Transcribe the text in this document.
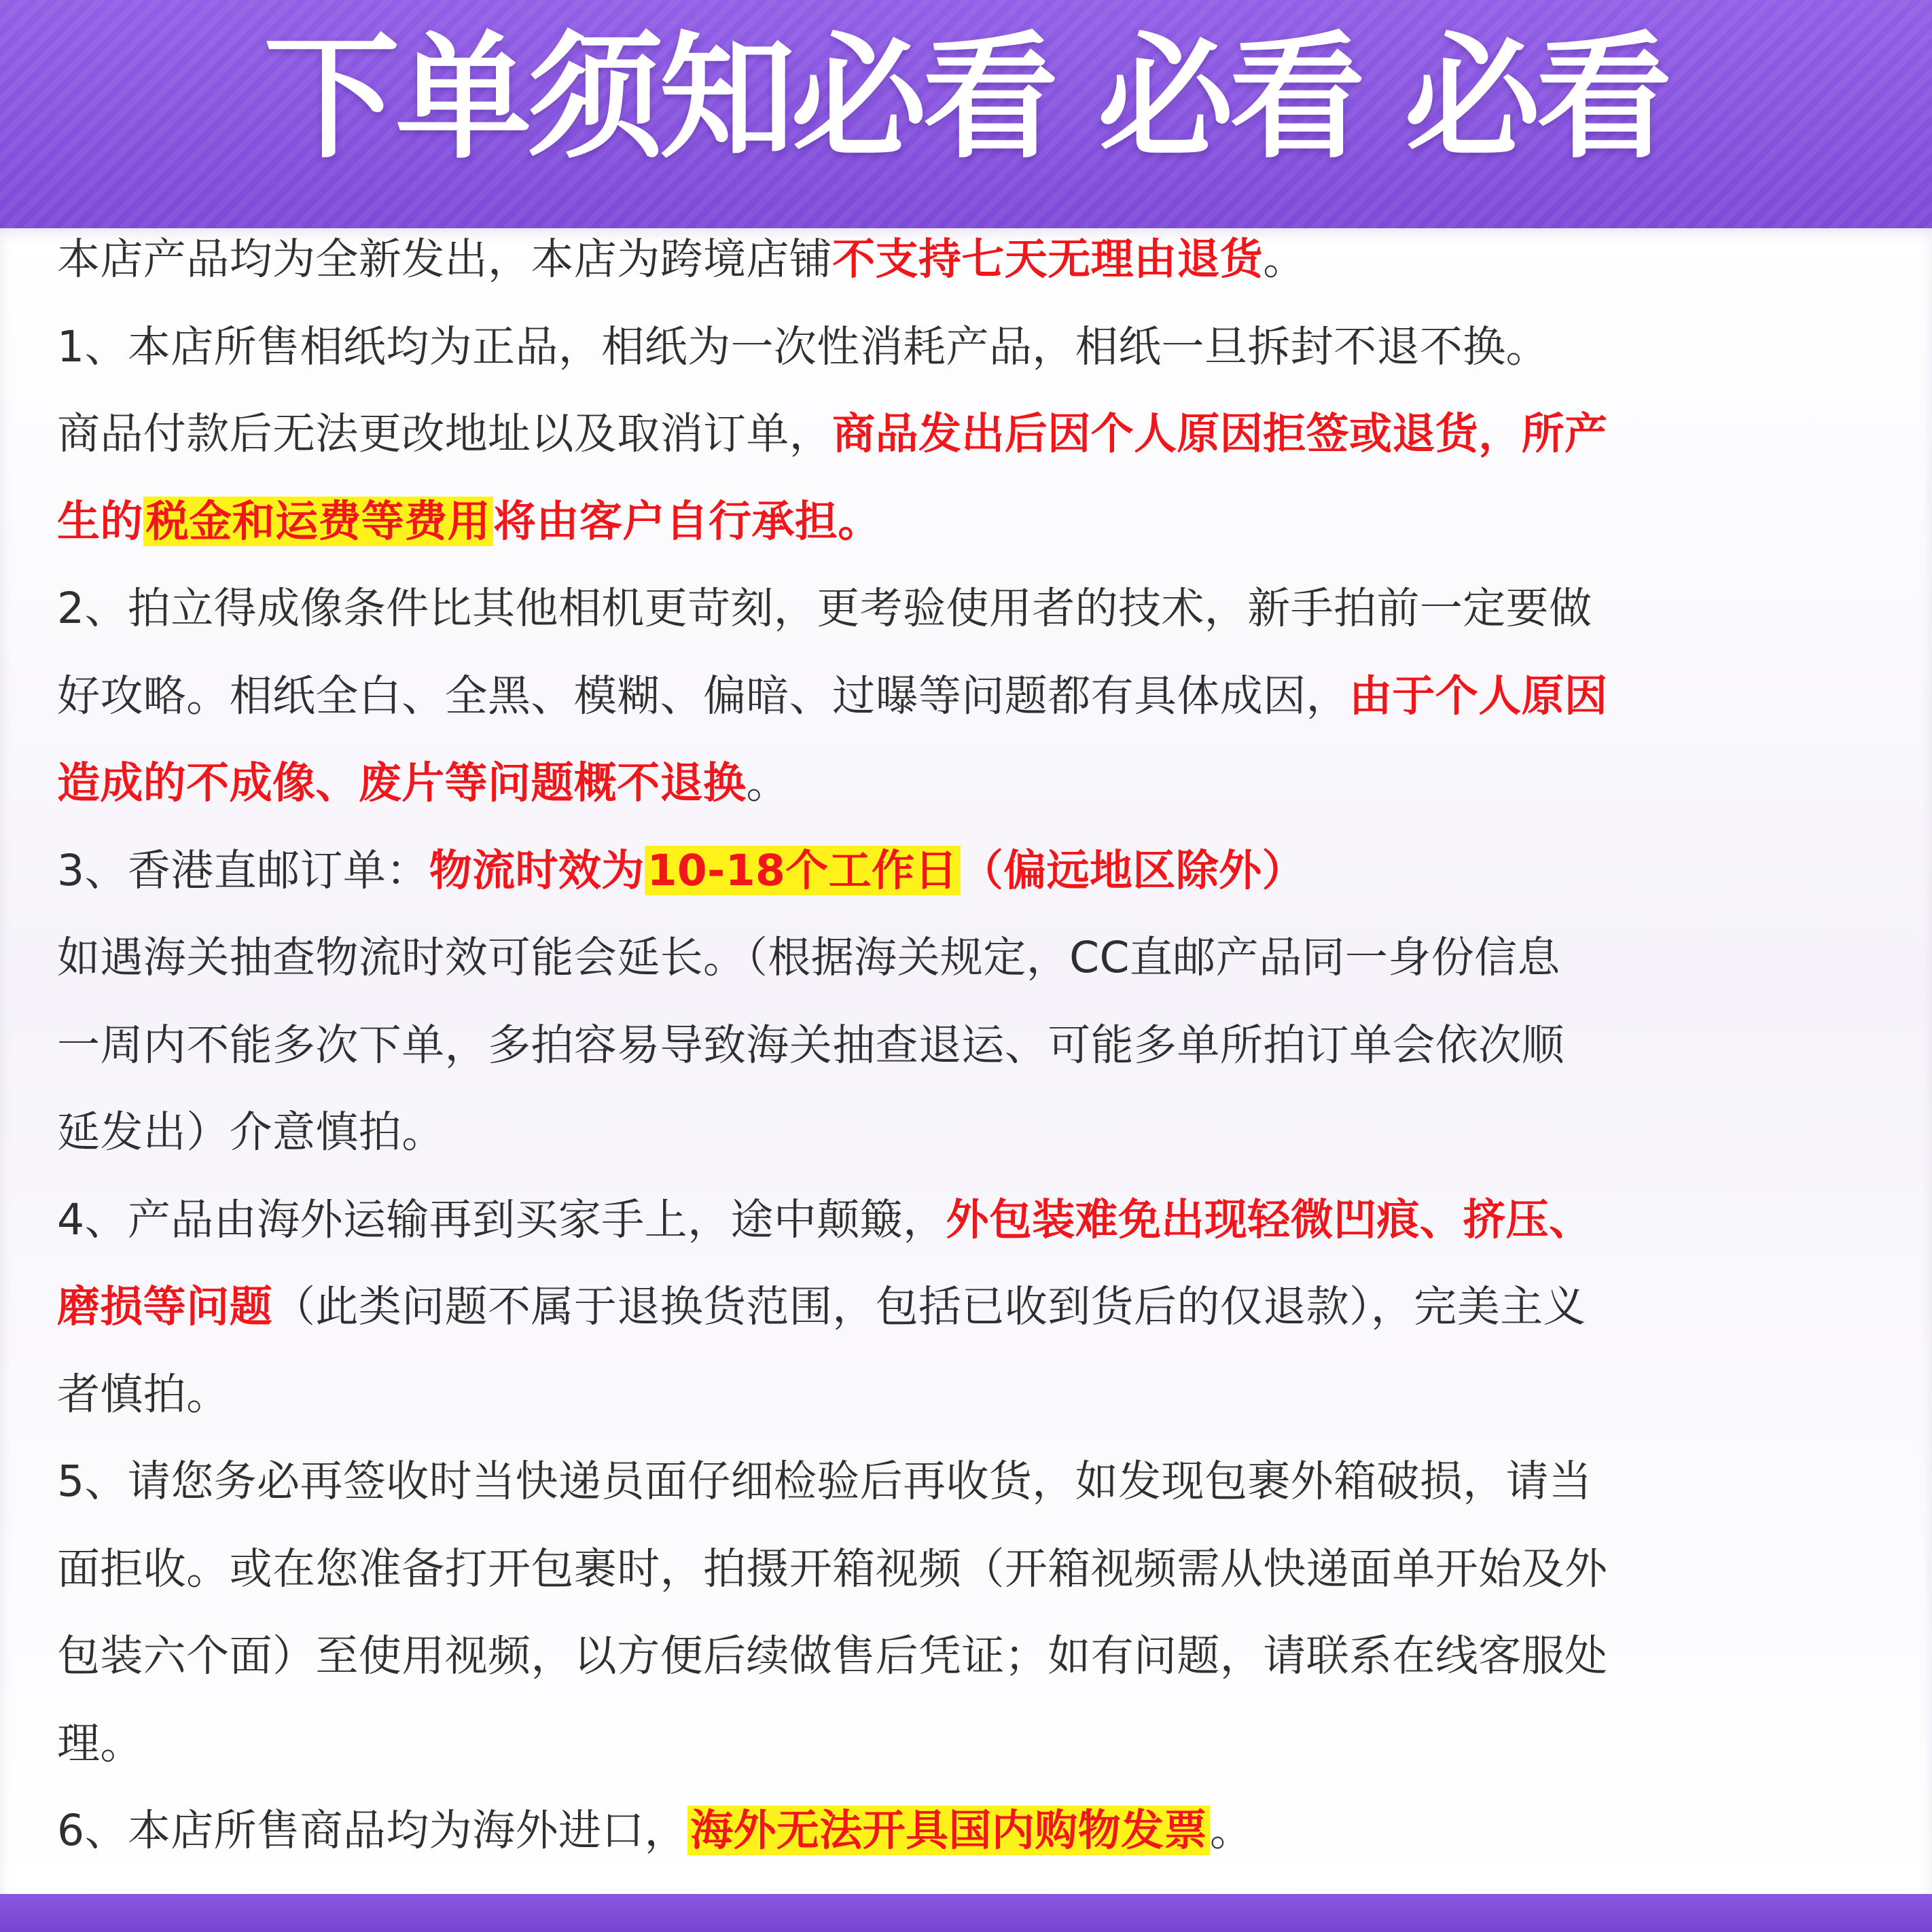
下单须知必看 必看 必看
本店产品均为全新发出，本店为跨境店铺不支持七天无理由退货。
1、本店所售相纸均为正品，相纸为一次性消耗产品，相纸一旦拆封不退不换。
商品付款后无法更改地址以及取消订单，商品发出后因个人原因拒签或退货，所产
生的税金和运费等费用将由客户自行承担。
2、拍立得成像条件比其他相机更苛刻，更考验使用者的技术，新手拍前一定要做
好攻略。相纸全白、全黑、模糊、偏暗、过曝等问题都有具体成因，由于个人原因
造成的不成像、废片等问题概不退换。
3、香港直邮订单：物流时效为10-18个工作日（偏远地区除外）
如遇海关抽查物流时效可能会延长。（根据海关规定，CC直邮产品同一身份信息
一周内不能多次下单，多拍容易导致海关抽查退运、可能多单所拍订单会依次顺
延发出）介意慎拍。
4、产品由海外运输再到买家手上，途中颠簸，外包装难免出现轻微凹痕、挤压、
磨损等问题（此类问题不属于退换货范围，包括已收到货后的仅退款），完美主义
者慎拍。
5、请您务必再签收时当快递员面仔细检验后再收货，如发现包裹外箱破损，请当
面拒收。或在您准备打开包裹时，拍摄开箱视频（开箱视频需从快递面单开始及外
包装六个面）至使用视频，以方便后续做售后凭证；如有问题，请联系在线客服处
理。
6、本店所售商品均为海外进口，海外无法开具国内购物发票。
